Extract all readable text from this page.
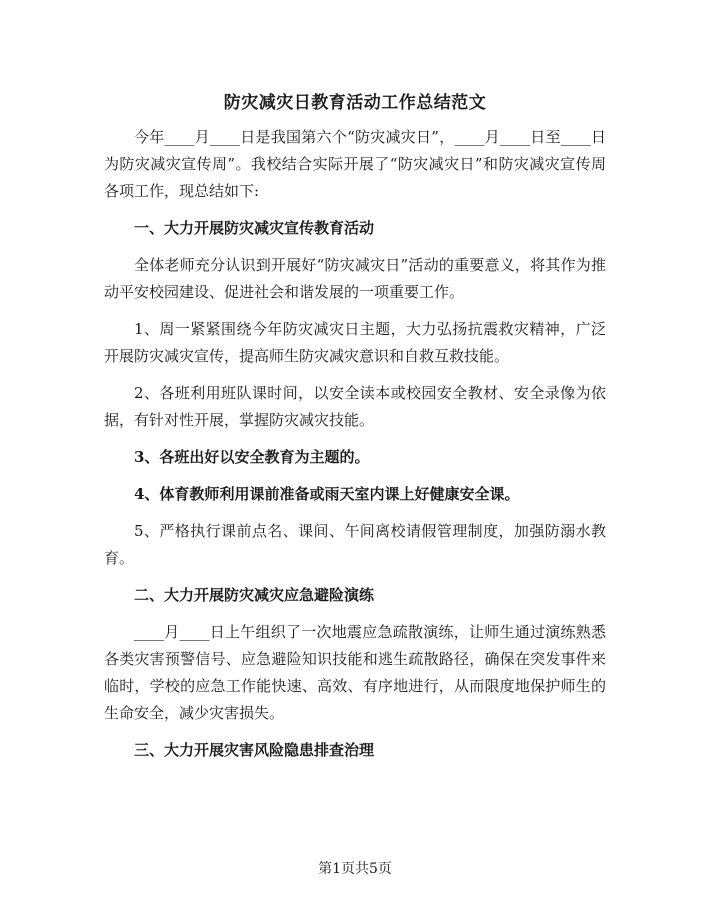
防灾减灾日教育活动工作总结范文

今年____月____日是我国第六个“防灾减灾日”，____月____日至____日为防灾减灾宣传周”。我校结合实际开展了“防灾减灾日”和防灾减灾宣传周各项工作，现总结如下:

一、大力开展防灾减灾宣传教育活动

全体老师充分认识到开展好“防灾减灾日”活动的重要意义，将其作为推动平安校园建设、促进社会和谐发展的一项重要工作。

1、周一紧紧围绕今年防灾减灾日主题，大力弘扬抗震救灾精神，广泛开展防灾减灾宣传，提高师生防灾减灾意识和自救互救技能。

2、各班利用班队课时间，以安全读本或校园安全教材、安全录像为依据，有针对性开展，掌握防灾减灾技能。

3、各班出好以安全教育为主题的。

4、体育教师利用课前准备或雨天室内课上好健康安全课。

5、严格执行课前点名、课间、午间离校请假管理制度，加强防溺水教育。

二、大力开展防灾减灾应急避险演练

____月____日上午组织了一次地震应急疏散演练，让师生通过演练熟悉各类灾害预警信号、应急避险知识技能和逃生疏散路径，确保在突发事件来临时，学校的应急工作能快速、高效、有序地进行，从而限度地保护师生的生命安全，减少灾害损失。

三、大力开展灾害风险隐患排查治理

第1页共5页
